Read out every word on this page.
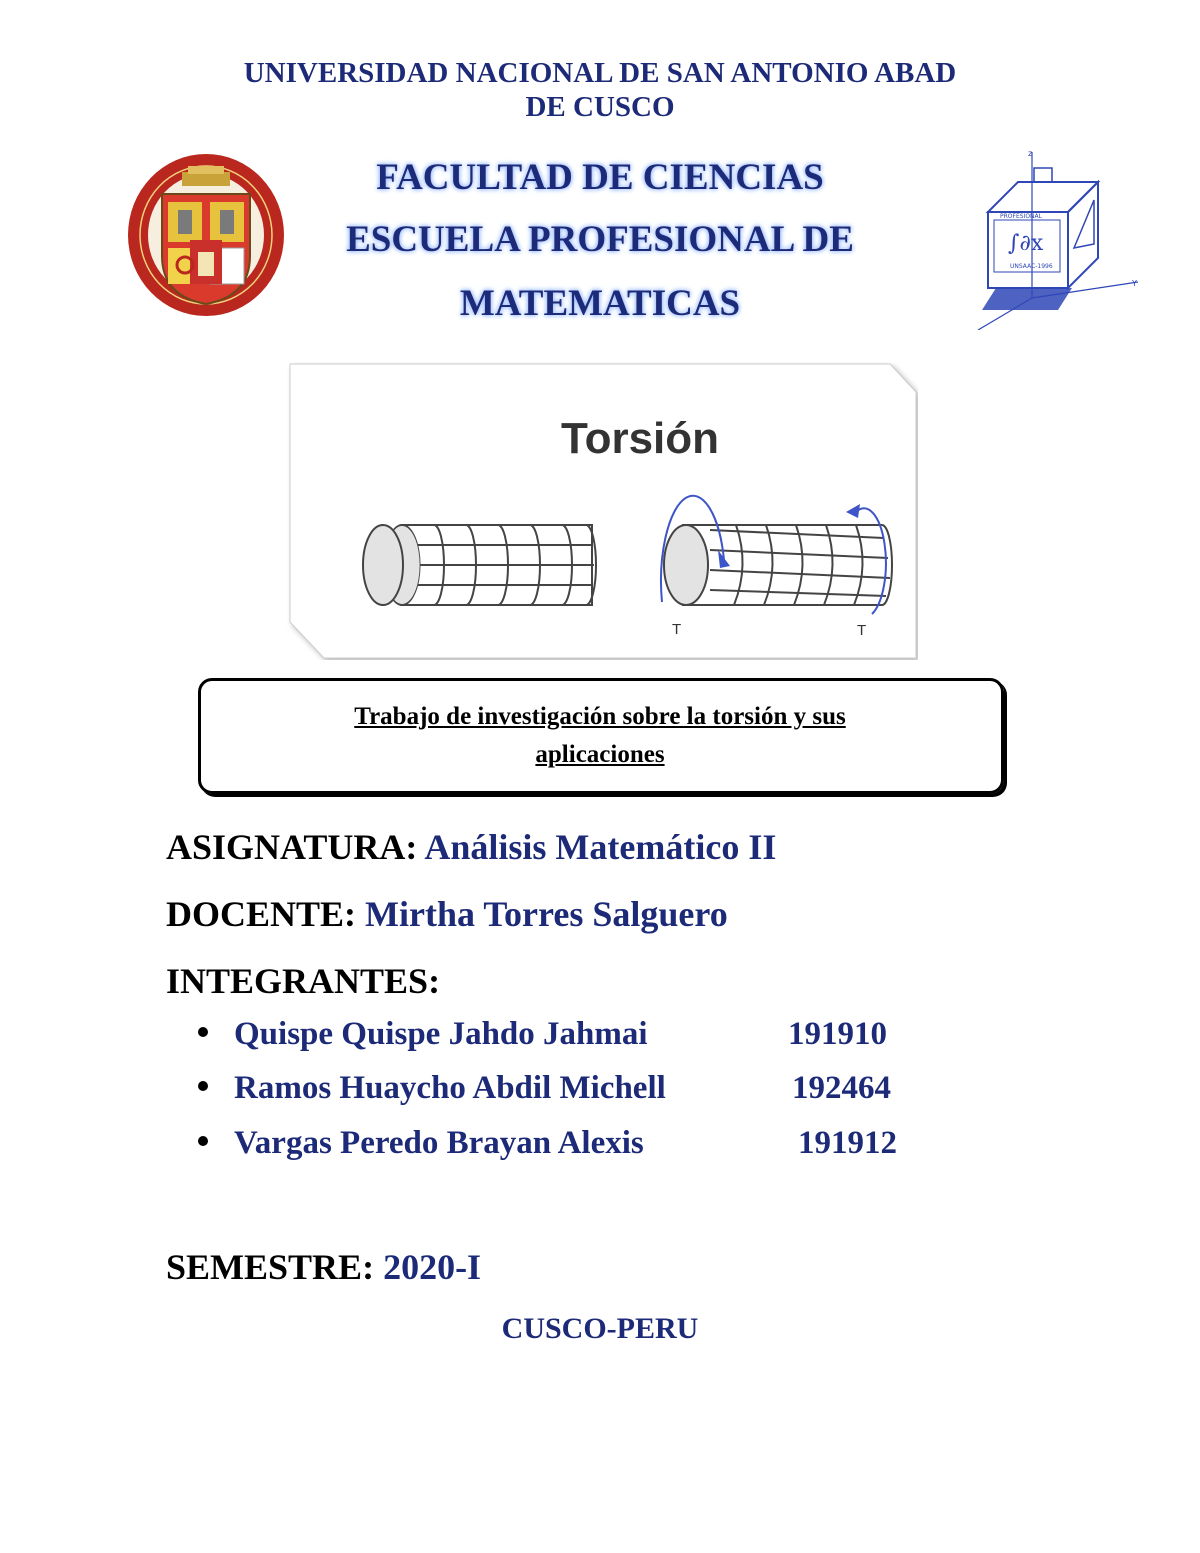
UNIVERSIDAD NACIONAL DE SAN ANTONIO ABAD
DE CUSCO
FACULTAD DE CIENCIAS
ESCUELA PROFESIONAL DE
MATEMATICAS
z
Y
∫∂x
PROFESIONAL
UNSAAC-1996
Torsión
T	T
Trabajo de investigación sobre la torsión y sus
aplicaciones
ASIGNATURA: Análisis Matemático II
DOCENTE: Mirtha Torres Salguero
INTEGRANTES:
Quispe Quispe Jahdo Jahmai	191910
Ramos Huaycho Abdil Michell	192464
Vargas Peredo Brayan Alexis	191912
SEMESTRE: 2020-I
CUSCO-PERU
